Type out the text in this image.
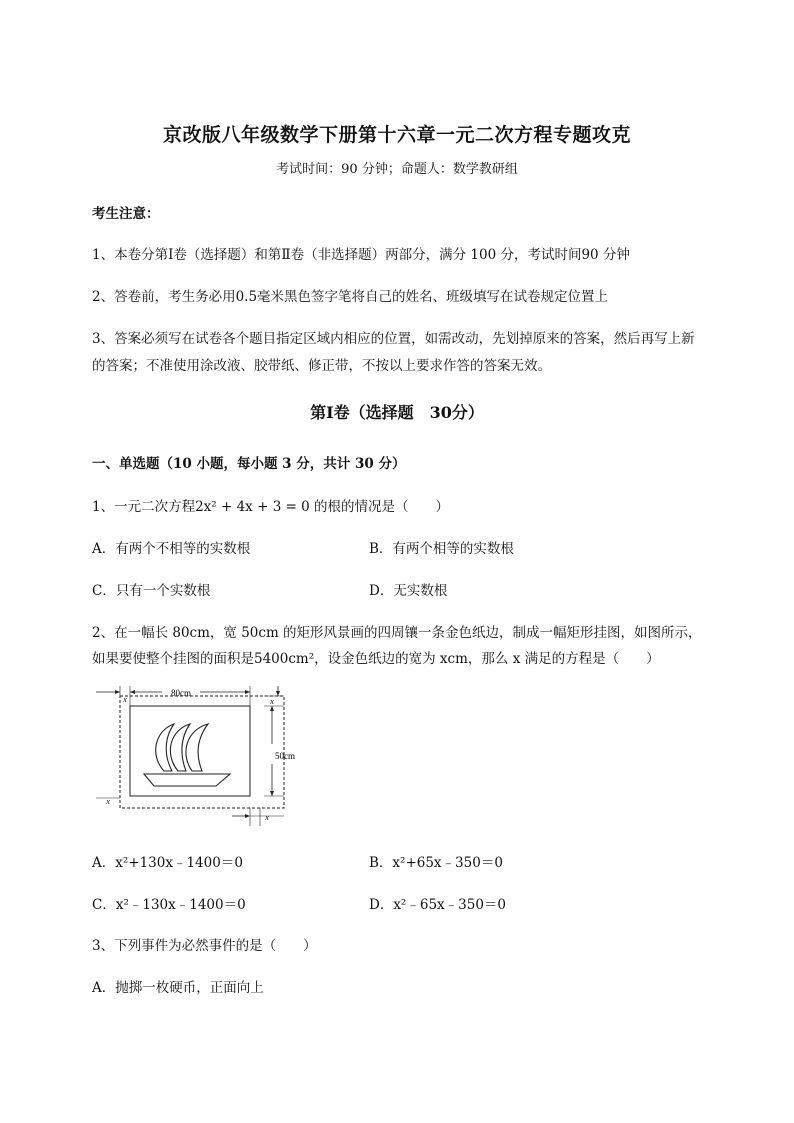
京改版八年级数学下册第十六章一元二次方程专题攻克
考试时间：90 分钟；命题人：数学教研组
考生注意：
1、本卷分第Ⅰ卷（选择题）和第Ⅱ卷（非选择题）两部分，满分 100 分，考试时间90 分钟
2、答卷前，考生务必用0.5毫米黑色签字笔将自己的姓名、班级填写在试卷规定位置上
3、答案必须写在试卷各个题目指定区域内相应的位置，如需改动，先划掉原来的答案，然后再写上新
的答案；不准使用涂改液、胶带纸、修正带，不按以上要求作答的答案无效。
第Ⅰ卷（选择题　30分）
一、单选题（10 小题，每小题 3 分，共计 30 分）
1、一元二次方程2x² + 4x + 3 = 0 的根的情况是（　　）
A．有两个不相等的实数根	B．有两个相等的实数根
C．只有一个实数根	D．无实数根
2、在一幅长 80cm，宽 50cm 的矩形风景画的四周镶一条金色纸边，制成一幅矩形挂图，如图所示，
如果要使整个挂图的面积是5400cm²，设金色纸边的宽为 xcm，那么 x 满足的方程是（　　）
80cm
x	x
50cm
x
x
A．x²+130x﹣1400＝0	B．x²+65x﹣350＝0
C．x²﹣130x﹣1400＝0	D．x²﹣65x﹣350＝0
3、下列事件为必然事件的是（　　）
A．抛掷一枚硬币，正面向上
